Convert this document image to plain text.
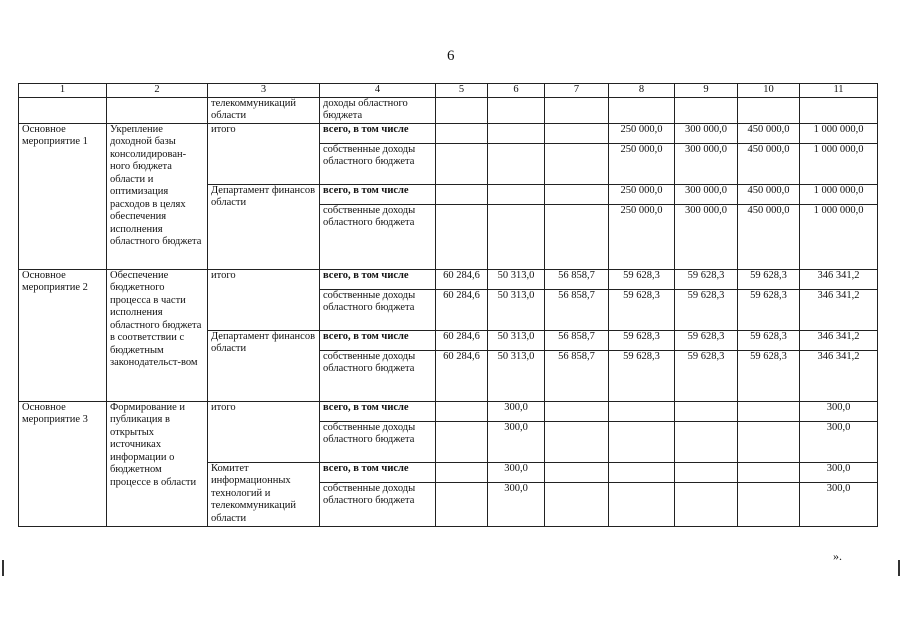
6
1	2	3	4	5	6	7	8	9	10	11
		телекоммуникаций области	доходы областного бюджета							
Основное мероприятие 1	Укрепление доходной базы консолидирован-ного бюджета области и оптимизация расходов в целях обеспечения исполнения областного бюджета	итого	всего, в том числе				250 000,0	300 000,0	450 000,0	1 000 000,0
			собственные доходы областного бюджета				250 000,0	300 000,0	450 000,0	1 000 000,0
		Департамент финансов области	всего, в том числе				250 000,0	300 000,0	450 000,0	1 000 000,0
			собственные доходы областного бюджета				250 000,0	300 000,0	450 000,0	1 000 000,0
Основное мероприятие 2	Обеспечение бюджетного процесса в части исполнения областного бюджета в соответствии с бюджетным законодательст-вом	итого	всего, в том числе	60 284,6	50 313,0	56 858,7	59 628,3	59 628,3	59 628,3	346 341,2
			собственные доходы областного бюджета	60 284,6	50 313,0	56 858,7	59 628,3	59 628,3	59 628,3	346 341,2
		Департамент финансов области	всего, в том числе	60 284,6	50 313,0	56 858,7	59 628,3	59 628,3	59 628,3	346 341,2
			собственные доходы областного бюджета	60 284,6	50 313,0	56 858,7	59 628,3	59 628,3	59 628,3	346 341,2
Основное мероприятие 3	Формирование и публикация в открытых источниках информации о бюджетном процессе в области	итого	всего, в том числе		300,0					300,0
			собственные доходы областного бюджета		300,0					300,0
		Комитет информационных технологий и телекоммуникаций области	всего, в том числе		300,0					300,0
			собственные доходы областного бюджета		300,0					300,0
».
